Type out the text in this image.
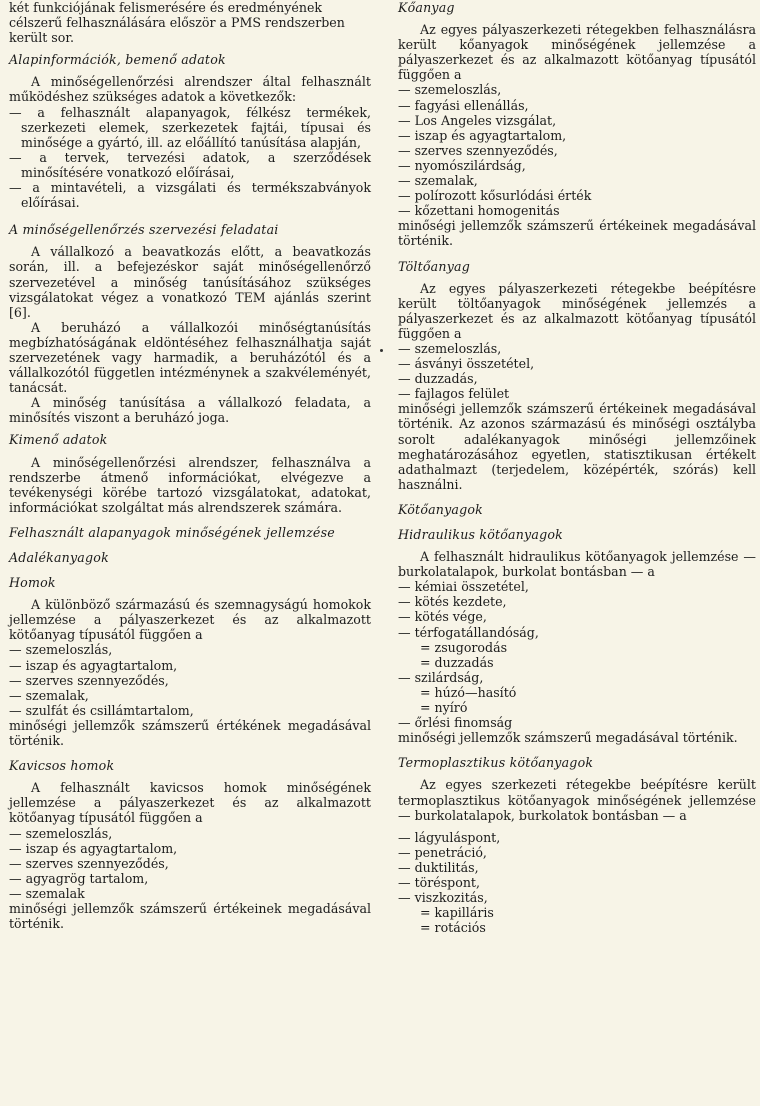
két funkciójának felismerésére és eredményének célszerű felhasználására először a PMS rendszerben került sor.

Alapinformációk, bemenő adatok

A minőségellenőrzési alrendszer által felhasznált működéshez szükséges adatok a következők:

— a felhasznált alapanyagok, félkész termékek, szerkezeti elemek, szerkezetek fajtái, típusai és minősége a gyártó, ill. az előállító tanúsítása alapján,

— a tervek, tervezési adatok, a szerződések minősítésére vonatkozó előírásai,

— a mintavételi, a vizsgálati és termékszabványok előírásai.

A minőségellenőrzés szervezési feladatai

A vállalkozó a beavatkozás előtt, a beavatkozás során, ill. a befejezéskor saját minőségellenőrző szervezetével a minőség tanúsításához szükséges vizsgálatokat végez a vonatkozó TEM ajánlás szerint [6].

A beruházó a vállalkozói minőségtanúsítás megbízhatóságának eldöntéséhez felhasználhatja saját szervezetének vagy harmadik, a beruházótól és a vállalkozótól független intézménynek a szakvéleményét, tanácsát.

A minőség tanúsítása a vállalkozó feladata, a minősítés viszont a beruházó joga.

Kimenő adatok

A minőségellenőrzési alrendszer, felhasználva a rendszerbe átmenő információkat, elvégezve a tevékenységi körébe tartozó vizsgálatokat, adatokat, információkat szolgáltat más alrendszerek számára.

Felhasznált alapanyagok minőségének jellemzése

Adalékanyagok

Homok

A különböző származású és szemnagyságú homokok jellemzése a pályaszerkezet és az alkalmazott kötőanyag típusától függően a

— szemeloszlás,

— iszap és agyagtartalom,

— szerves szennyeződés,

— szemalak,

— szulfát és csillámtartalom,

minőségi jellemzők számszerű értékének megadásával történik.

Kavicsos homok

A felhasznált kavicsos homok minőségének jellemzése a pályaszerkezet és az alkalmazott kötőanyag típusától függően a

— szemeloszlás,

— iszap és agyagtartalom,

— szerves szennyeződés,

— agyagrög tartalom,

— szemalak

minőségi jellemzők számszerű értékeinek megadásával történik.

Kőanyag

Az egyes pályaszerkezeti rétegekben felhasználásra került kőanyagok minőségének jellemzése a pályaszerkezet és az alkalmazott kötőanyag típusától függően a

— szemeloszlás,

— fagyási ellenállás,

— Los Angeles vizsgálat,

— iszap és agyagtartalom,

— szerves szennyeződés,

— nyomószilárdság,

— szemalak,

— polírozott kősurlódási érték

— kőzettani homogenitás

minőségi jellemzők számszerű értékeinek megadásával történik.

Töltőanyag

Az egyes pályaszerkezeti rétegekbe beépítésre került töltőanyagok minőségének jellemzés a pályaszerkezet és az alkalmazott kötőanyag típusától függően a

— szemeloszlás,

— ásványi összetétel,

— duzzadás,

— fajlagos felület

minőségi jellemzők számszerű értékeinek megadásával történik. Az azonos származású és minőségi osztályba sorolt adalékanyagok minőségi jellemzőinek meghatározásához egyetlen, statisztikusan értékelt adathalmazt (terjedelem, középérték, szórás) kell használni.

Kötőanyagok

Hidraulikus kötőanyagok

A felhasznált hidraulikus kötőanyagok jellemzése — burkolatalapok, burkolat bontásban — a

— kémiai összetétel,

— kötés kezdete,

— kötés vége,

— térfogatállandóság,

= zsugorodás

= duzzadás

— szilárdság,

= húzó—hasító

= nyíró

— őrlési finomság

minőségi jellemzők számszerű megadásával történik.

Termoplasztikus kötőanyagok

Az egyes szerkezeti rétegekbe beépítésre került termoplasztikus kötőanyagok minőségének jellemzése — burkolatalapok, burkolatok bontásban — a

— lágyuláspont,

— penetráció,

— duktilitás,

— töréspont,

— viszkozitás,

= kapilláris

= rotációs
